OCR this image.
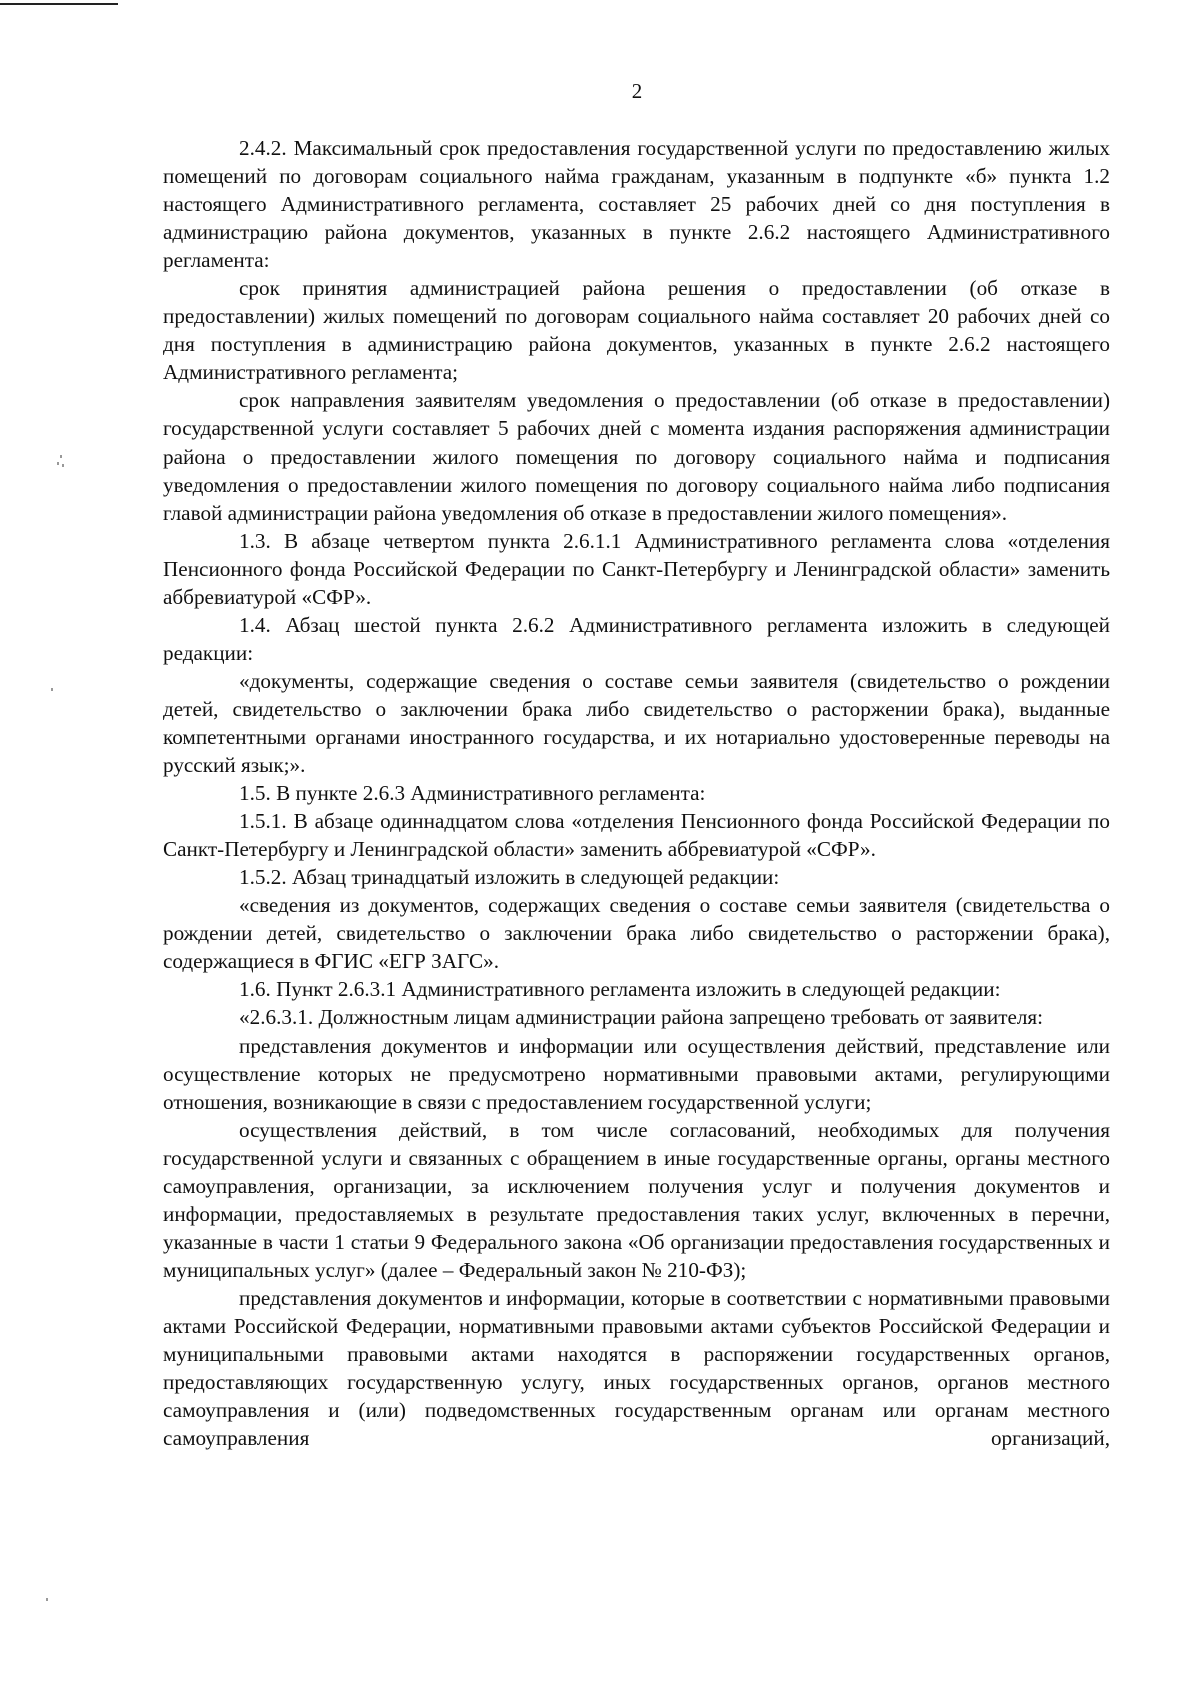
2

2.4.2. Максимальный срок предоставления государственной услуги по предоставлению жилых помещений по договорам социального найма гражданам, указанным в подпункте «б» пункта 1.2 настоящего Административного регламента, составляет 25 рабочих дней со дня поступления в администрацию района документов, указанных в пункте 2.6.2 настоящего Административного регламента:

срок принятия администрацией района решения о предоставлении (об отказе в предоставлении) жилых помещений по договорам социального найма составляет 20 рабочих дней со дня поступления в администрацию района документов, указанных в пункте 2.6.2 настоящего Административного регламента;

срок направления заявителям уведомления о предоставлении (об отказе в предоставлении) государственной услуги составляет 5 рабочих дней с момента издания распоряжения администрации района о предоставлении жилого помещения по договору социального найма и подписания уведомления о предоставлении жилого помещения по договору социального найма либо подписания главой администрации района уведомления об отказе в предоставлении жилого помещения».

1.3. В абзаце четвертом пункта 2.6.1.1 Административного регламента слова «отделения Пенсионного фонда Российской Федерации по Санкт-Петербургу и Ленинградской области» заменить аббревиатурой «СФР».

1.4. Абзац шестой пункта 2.6.2 Административного регламента изложить в следующей редакции:

«документы, содержащие сведения о составе семьи заявителя (свидетельство о рождении детей, свидетельство о заключении брака либо свидетельство о расторжении брака), выданные компетентными органами иностранного государства, и их нотариально удостоверенные переводы на русский язык;».

1.5. В пункте 2.6.3 Административного регламента:

1.5.1. В абзаце одиннадцатом слова «отделения Пенсионного фонда Российской Федерации по Санкт-Петербургу и Ленинградской области» заменить аббревиатурой «СФР».

1.5.2. Абзац тринадцатый изложить в следующей редакции:

«сведения из документов, содержащих сведения о составе семьи заявителя (свидетельства о рождении детей, свидетельство о заключении брака либо свидетельство о расторжении брака), содержащиеся в ФГИС «ЕГР ЗАГС».

1.6. Пункт 2.6.3.1 Административного регламента изложить в следующей редакции:

«2.6.3.1. Должностным лицам администрации района запрещено требовать от заявителя:

представления документов и информации или осуществления действий, представление или осуществление которых не предусмотрено нормативными правовыми актами, регулирующими отношения, возникающие в связи с предоставлением государственной услуги;

осуществления действий, в том числе согласований, необходимых для получения государственной услуги и связанных с обращением в иные государственные органы, органы местного самоуправления, организации, за исключением получения услуг и получения документов и информации, предоставляемых в результате предоставления таких услуг, включенных в перечни, указанные в части 1 статьи 9 Федерального закона «Об организации предоставления государственных и муниципальных услуг» (далее – Федеральный закон № 210-ФЗ);

представления документов и информации, которые в соответствии с нормативными правовыми актами Российской Федерации, нормативными правовыми актами субъектов Российской Федерации и муниципальными правовыми актами находятся в распоряжении государственных органов, предоставляющих государственную услугу, иных государственных органов, органов местного самоуправления и (или) подведомственных государственным органам или органам местного самоуправления организаций,
